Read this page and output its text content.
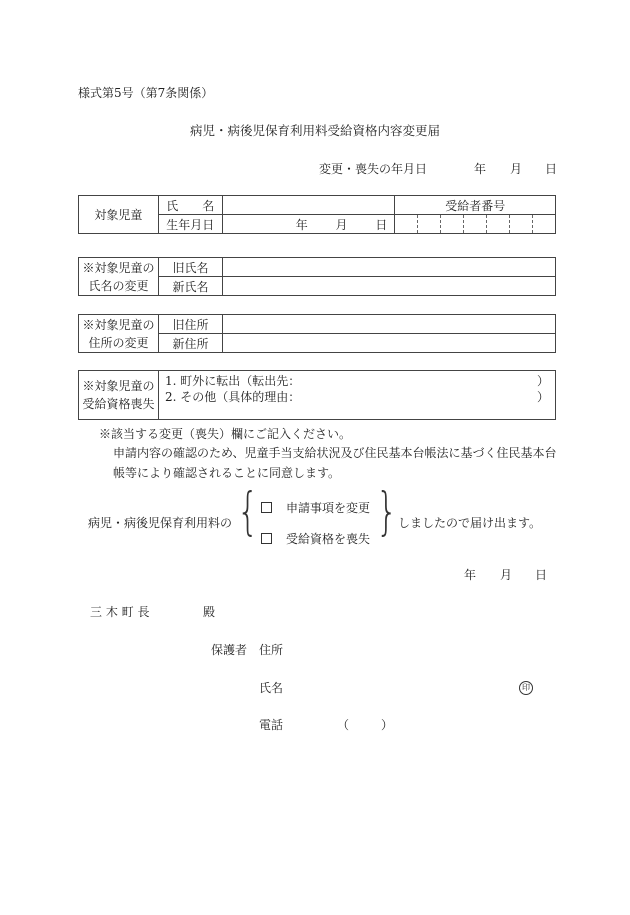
様式第5号（第7条関係）
病児・病後児保育利用料受給資格内容変更届
変更・喪失の年月日	年 月 日
対象児童	氏　　名		受給者番号
	生年月日	年 月 日	
※対象児童の
氏名の変更	旧氏名	
	新氏名	
※対象児童の
住所の変更	旧住所	
	新住所	
※対象児童の
受給資格喪失

1. 町外に転出（転出先：	）
2. その他（具体的理由：	）
※該当する変更（喪失）欄にご記入ください。
申請内容の確認のため、児童手当支給状況及び住民基本台帳法に基づく住民基本台
帳等により確認されることに同意します。
病児・病後児保育利用料の {	申請事項を変更
受給資格を喪失 } しましたので届け出ます。
年 月 日
三 木 町 長	殿
保護者 住所
氏名	印
電話	（	）
